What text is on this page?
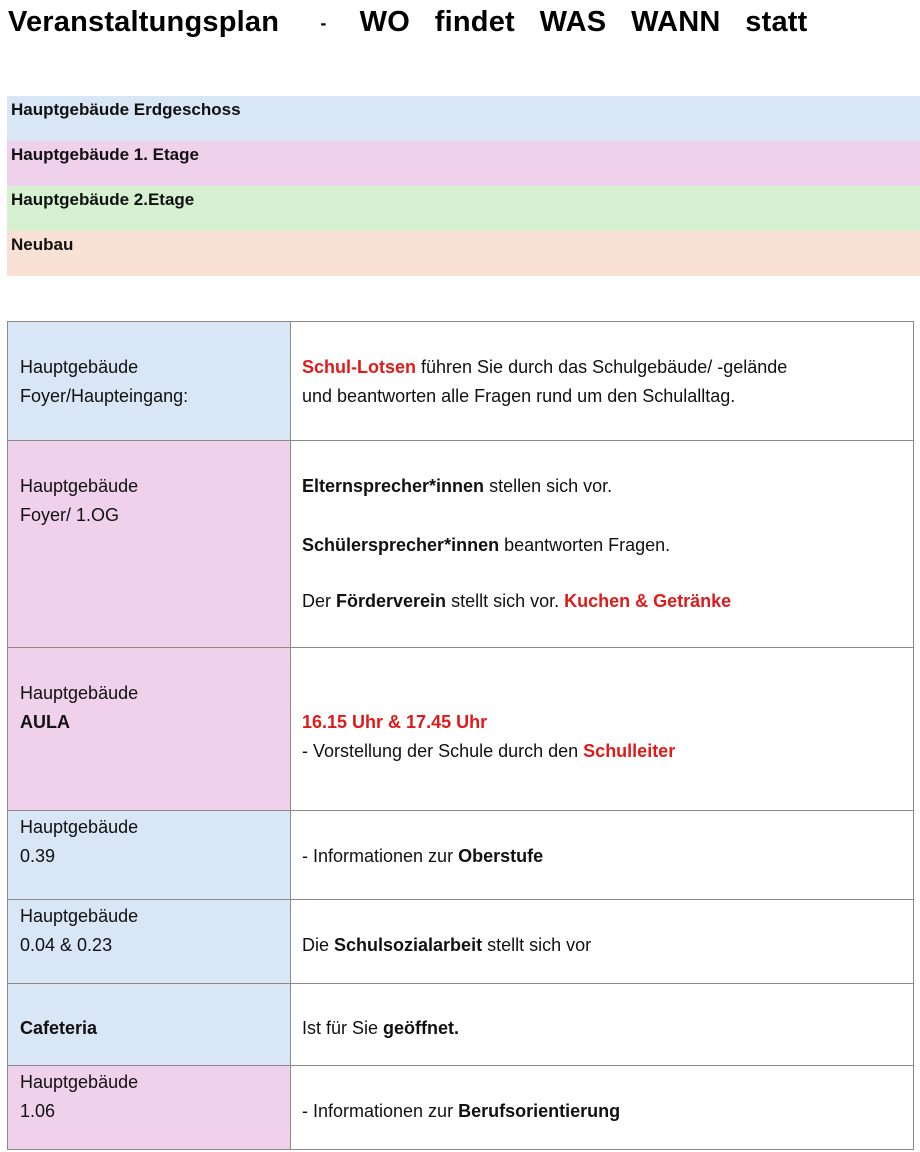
Veranstaltungsplan - WO   findet   WAS   WANN   statt
Hauptgebäude Erdgeschoss
Hauptgebäude 1. Etage
Hauptgebäude 2.Etage
Neubau
Hauptgebäude
Foyer/Haupteingang:	Schul-Lotsen führen Sie durch das Schulgebäude/ -gelände
und beantworten alle Fragen rund um den Schulalltag.

Hauptgebäude
Foyer/ 1.OG	Elternsprecher*innen stellen sich vor.
Schülersprecher*innen beantworten Fragen.
Der Förderverein stellt sich vor. Kuchen & Getränke

Hauptgebäude
AULA	16.15 Uhr & 17.45 Uhr
- Vorstellung der Schule durch den Schulleiter

Hauptgebäude
0.39	- Informationen zur Oberstufe

Hauptgebäude
0.04 & 0.23	Die Schulsozialarbeit stellt sich vor

Cafeteria	Ist für Sie geöffnet.

Hauptgebäude
1.06	- Informationen zur Berufsorientierung
